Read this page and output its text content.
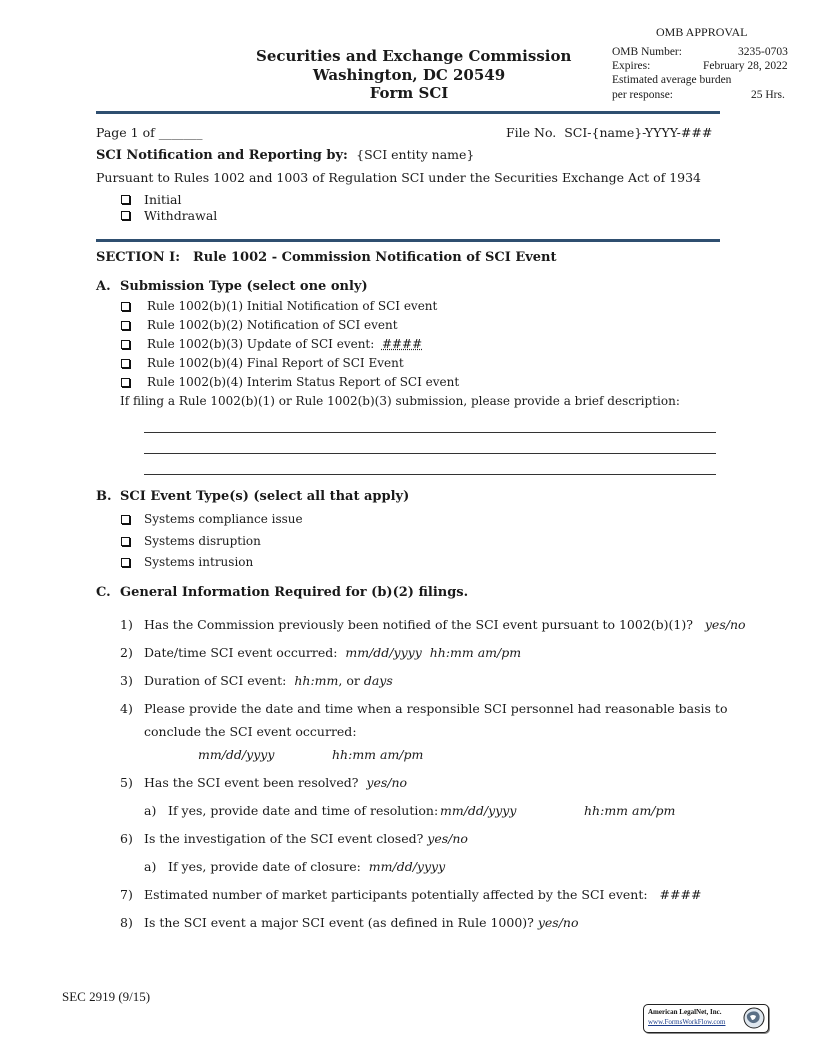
OMB APPROVAL
OMB Number:	3235-0703
Expires:	February 28, 2022
Estimated average burden
per response:	25 Hrs.
Securities and Exchange Commission
Washington, DC 20549
Form SCI
Page 1 of _______	File No. SCI-{name}-YYYY-###
SCI Notification and Reporting by: {SCI entity name}
Pursuant to Rules 1002 and 1003 of Regulation SCI under the Securities Exchange Act of 1934
Initial
Withdrawal
SECTION I: Rule 1002 - Commission Notification of SCI Event
A. Submission Type (select one only)
Rule 1002(b)(1) Initial Notification of SCI event
Rule 1002(b)(2) Notification of SCI event
Rule 1002(b)(3) Update of SCI event: ####
Rule 1002(b)(4) Final Report of SCI Event
Rule 1002(b)(4) Interim Status Report of SCI event
If filing a Rule 1002(b)(1) or Rule 1002(b)(3) submission, please provide a brief description:
B. SCI Event Type(s) (select all that apply)
Systems compliance issue
Systems disruption
Systems intrusion
C. General Information Required for (b)(2) filings.
1) Has the Commission previously been notified of the SCI event pursuant to 1002(b)(1)? yes/no
2) Date/time SCI event occurred: mm/dd/yyyy  hh:mm am/pm
3) Duration of SCI event: hh:mm, or days
4) Please provide the date and time when a responsible SCI personnel had reasonable basis to
conclude the SCI event occurred:
mm/dd/yyyy	hh:mm am/pm
5) Has the SCI event been resolved? yes/no
a) If yes, provide date and time of resolution: mm/dd/yyyy	hh:mm am/pm
6) Is the investigation of the SCI event closed? yes/no
a) If yes, provide date of closure: mm/dd/yyyy
7) Estimated number of market participants potentially affected by the SCI event: ####
8) Is the SCI event a major SCI event (as defined in Rule 1000)? yes/no
SEC 2919 (9/15)
American LegalNet, Inc.
www.FormsWorkFlow.com
